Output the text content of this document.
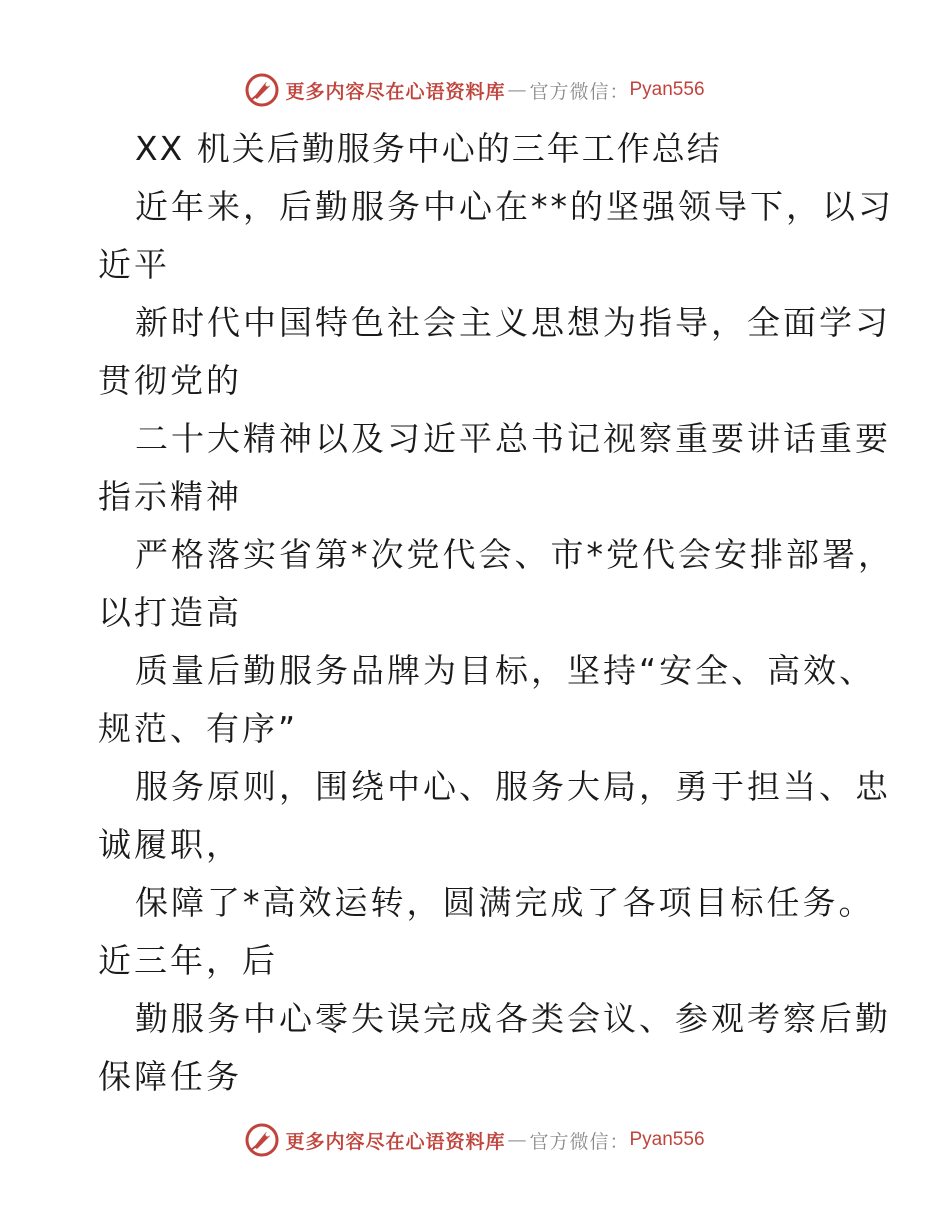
更多内容尽在心语资料库 — 官方微信： Pyan556
XX 机关后勤服务中心的三年工作总结
近年来，后勤服务中心在**的坚强领导下，以习
近平
新时代中国特色社会主义思想为指导，全面学习
贯彻党的
二十大精神以及习近平总书记视察重要讲话重要
指示精神
严格落实省第*次党代会、市*党代会安排部署，
以打造高
质量后勤服务品牌为目标，坚持“安全、高效、
规范、有序”
服务原则，围绕中心、服务大局，勇于担当、忠
诚履职，
保障了*高效运转，圆满完成了各项目标任务。
近三年，后
勤服务中心零失误完成各类会议、参观考察后勤
保障任务
更多内容尽在心语资料库 — 官方微信： Pyan556
